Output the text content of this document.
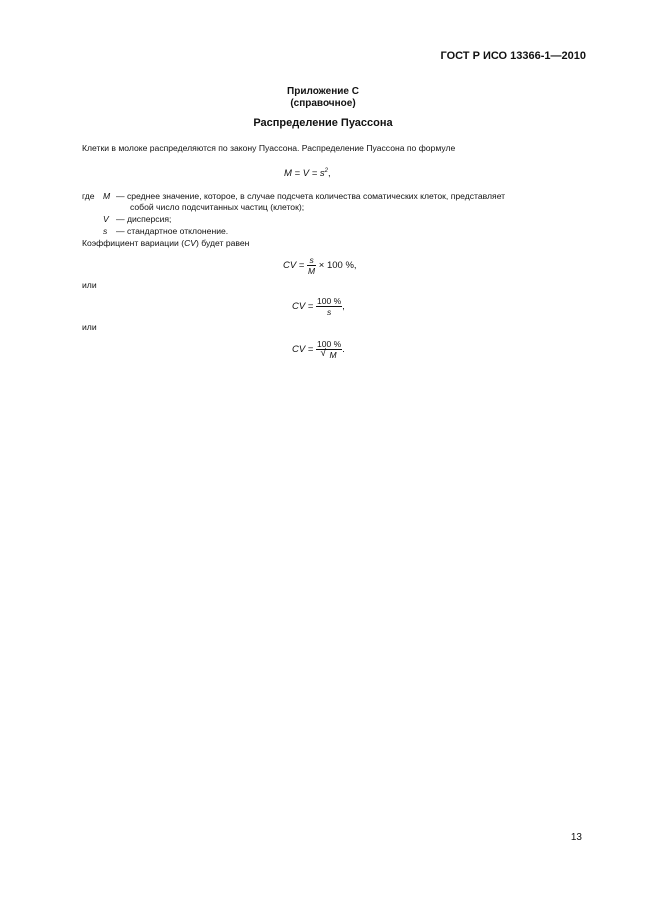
ГОСТ Р ИСО 13366-1—2010
Приложение С
(справочное)
Распределение Пуассона
Клетки в молоке распределяются по закону Пуассона. Распределение Пуассона по формуле
$M = V = s^2$,
где M — среднее значение, которое, в случае подсчета количества соматических клеток, представляет
собой число подсчитанных частиц (клеток);
V — дисперсия;
s — стандартное отклонение.
Коэффициент вариации (CV) будет равен
CV = $\frac{s}{M} \times 100$ %,
или
CV = $\frac{100 \%}{s}$ ,
или
CV = $\frac{100 \%}{√ M}$ .
13
